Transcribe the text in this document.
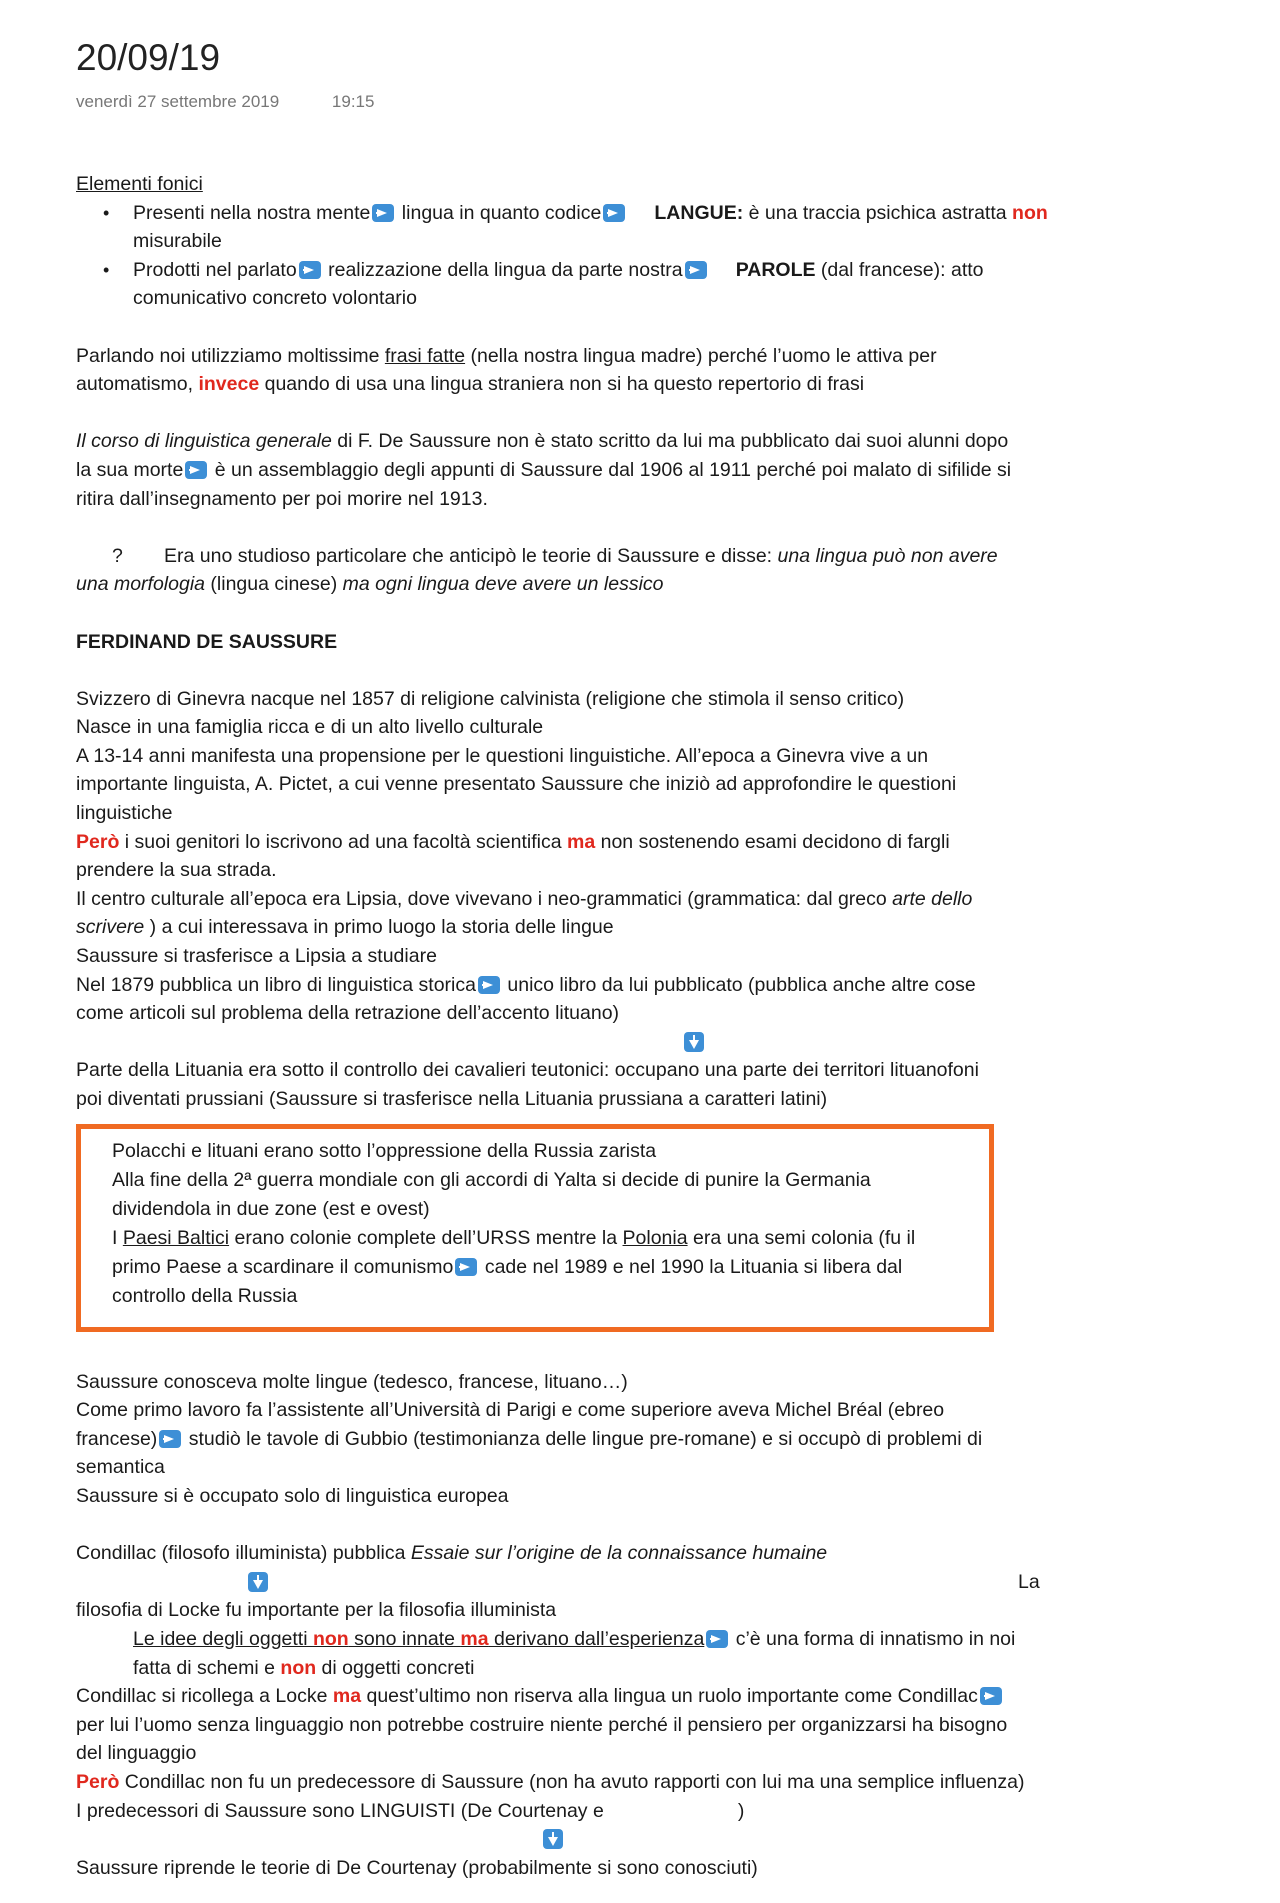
20/09/19
venerdì 27 settembre 2019	19:15

Elementi fonici

• Presenti nella nostra mente lingua in quanto codice	LANGUE: è una traccia psichica astratta non
misurabile
• Prodotti nel parlato realizzazione della lingua da parte nostra	PAROLE (dal francese): atto
comunicativo concreto volontario

Parlando noi utilizziamo moltissime frasi fatte (nella nostra lingua madre) perché l’uomo le attiva per

automatismo, invece quando di usa una lingua straniera non si ha questo repertorio di frasi

Il corso di linguistica generale di F. De Saussure non è stato scritto da lui ma pubblicato dai suoi alunni dopo

la sua morte è un assemblaggio degli appunti di Saussure dal 1906 al 1911 perché poi malato di sifilide si

ritira dall’insegnamento per poi morire nel 1913.

? Era uno studioso particolare che anticipò le teorie di Saussure e disse: una lingua può non avere

una morfologia (lingua cinese) ma ogni lingua deve avere un lessico

FERDINAND DE SAUSSURE

Svizzero di Ginevra nacque nel 1857 di religione calvinista (religione che stimola il senso critico)

Nasce in una famiglia ricca e di un alto livello culturale

A 13-14 anni manifesta una propensione per le questioni linguistiche. All’epoca a Ginevra vive a un

importante linguista, A. Pictet, a cui venne presentato Saussure che iniziò ad approfondire le questioni

linguistiche

Però i suoi genitori lo iscrivono ad una facoltà scientifica ma non sostenendo esami decidono di fargli

prendere la sua strada.

Il centro culturale all’epoca era Lipsia, dove vivevano i neo-grammatici (grammatica: dal greco arte dello

scrivere ) a cui interessava in primo luogo la storia delle lingue

Saussure si trasferisce a Lipsia a studiare

Nel 1879 pubblica un libro di linguistica storica unico libro da lui pubblicato (pubblica anche altre cose

come articoli sul problema della retrazione dell’accento lituano)

Parte della Lituania era sotto il controllo dei cavalieri teutonici: occupano una parte dei territori lituanofoni

poi diventati prussiani (Saussure si trasferisce nella Lituania prussiana a caratteri latini)

Polacchi e lituani erano sotto l’oppressione della Russia zarista

Alla fine della 2ª guerra mondiale con gli accordi di Yalta si decide di punire la Germania

dividendola in due zone (est e ovest)

I Paesi Baltici erano colonie complete dell’URSS mentre la Polonia era una semi colonia (fu il

primo Paese a scardinare il comunismo cade nel 1989 e nel 1990 la Lituania si libera dal

controllo della Russia

Saussure conosceva molte lingue (tedesco, francese, lituano…)

Come primo lavoro fa l’assistente all’Università di Parigi e come superiore aveva Michel Bréal (ebreo

francese) studiò le tavole di Gubbio (testimonianza delle lingue pre-romane) e si occupò di problemi di

semantica

Saussure si è occupato solo di linguistica europea

Condillac (filosofo illuminista) pubblica Essaie sur l’origine de la connaissance humaine

La

filosofia di Locke fu importante per la filosofia illuminista

Le idee degli oggetti non sono innate ma derivano dall’esperienza c’è una forma di innatismo in noi

fatta di schemi e non di oggetti concreti

Condillac si ricollega a Locke ma quest’ultimo non riserva alla lingua un ruolo importante come Condillac

per lui l’uomo senza linguaggio non potrebbe costruire niente perché il pensiero per organizzarsi ha bisogno

del linguaggio

Però Condillac non fu un predecessore di Saussure (non ha avuto rapporti con lui ma una semplice influenza)

I predecessori di Saussure sono LINGUISTI (De Courtenay e	)

Saussure riprende le teorie di De Courtenay (probabilmente si sono conosciuti)
